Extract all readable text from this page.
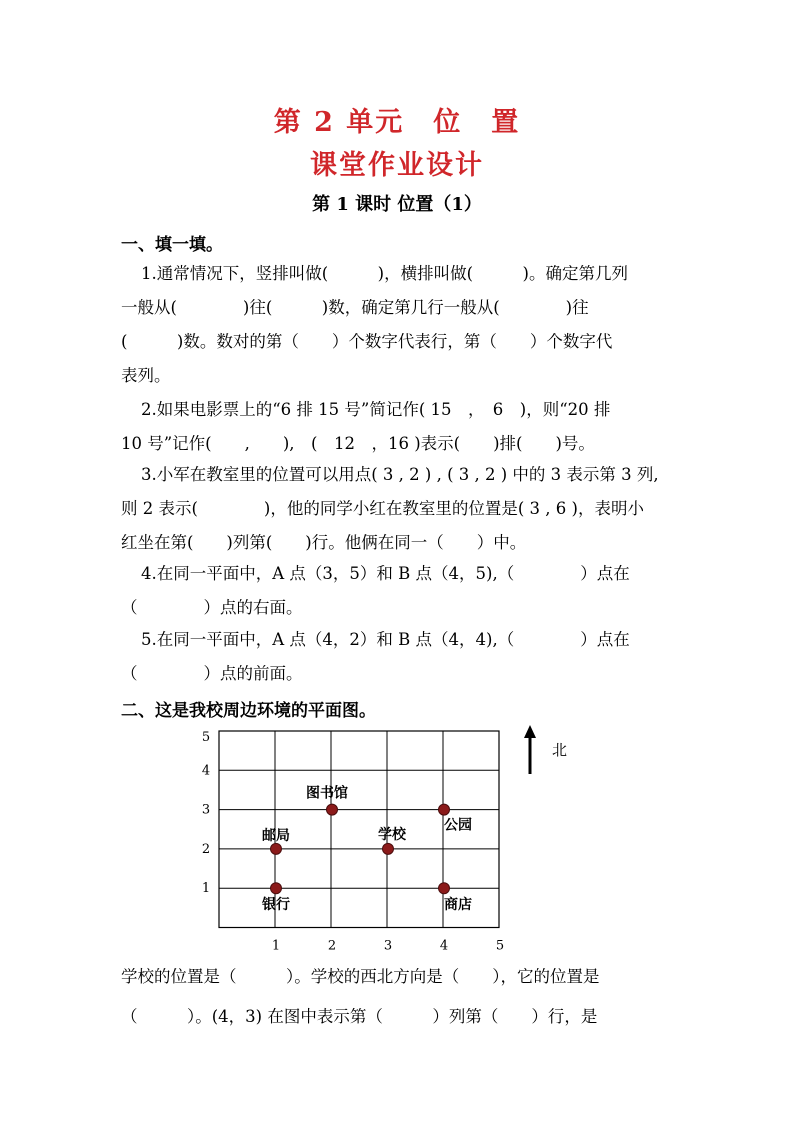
第 2 单元　位　置
课堂作业设计
第 1 课时 位置（1）
一、填一填。
1.通常情况下，竖排叫做(　　　)，横排叫做(　　　)。确定第几列
一般从(　　　　)往(　　　)数，确定第几行一般从(　　　　)往
(　　　)数。数对的第（　　）个数字代表行，第（　　）个数字代
表列。
2.如果电影票上的“6 排 15 号”简记作( 15　，　6　)，则“20 排
10 号”记作(　　,　　),　(　12　，16 )表示(　　)排(　　)号。
3.小军在教室里的位置可以用点( 3 , 2 ) , ( 3 , 2 ) 中的 3 表示第 3 列,
则 2 表示(　　　　)，他的同学小红在教室里的位置是( 3 , 6 )，表明小
红坐在第(　　)列第(　　)行。他俩在同一（　　）中。
4.在同一平面中，A 点（3，5）和 B 点（4，5),（　　　　）点在
（　　　　）点的右面。
5.在同一平面中，A 点（4，2）和 B 点（4，4),（　　　　）点在
（　　　　）点的前面。
二、这是我校周边环境的平面图。
1	2	3	4	5
1
2
3
4
5
图书馆
公园
邮局	学校
银行	商店
北
学校的位置是（　　　）。学校的西北方向是（　　），它的位置是
（　　　）。(4，3) 在图中表示第（　　　）列第（　　）行，是
